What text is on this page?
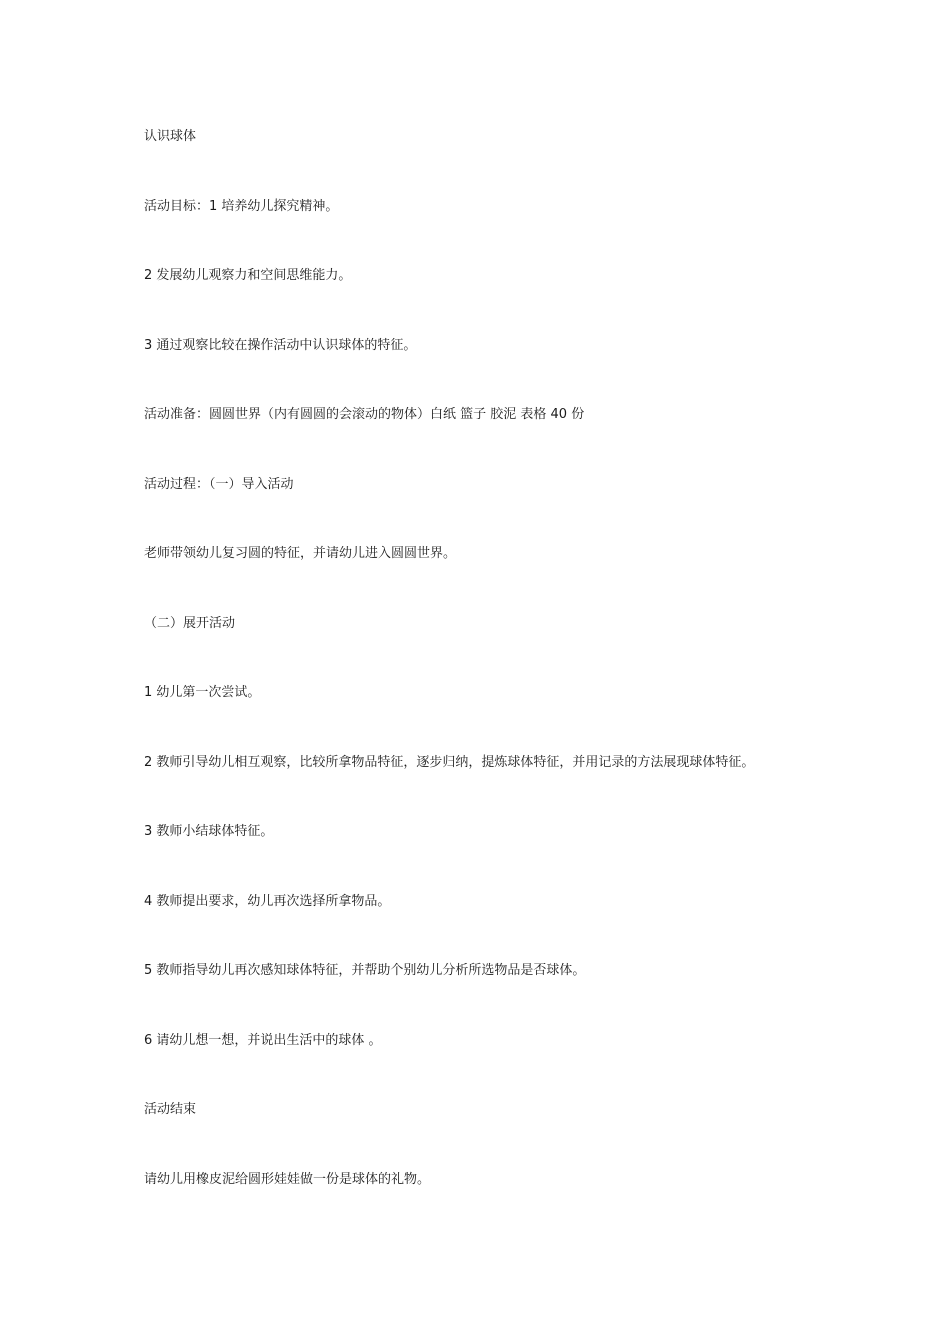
认识球体

活动目标：1 培养幼儿探究精神。

2 发展幼儿观察力和空间思维能力。

3 通过观察比较在操作活动中认识球体的特征。

活动准备：圆圆世界（内有圆圆的会滚动的物体）白纸 篮子 胶泥 表格 40 份

活动过程：（一）导入活动

老师带领幼儿复习圆的特征，并请幼儿进入圆圆世界。

（二）展开活动

1 幼儿第一次尝试。

2 教师引导幼儿相互观察，比较所拿物品特征，逐步归纳，提炼球体特征，并用记录的方法展现球体特征。

3 教师小结球体特征。

4 教师提出要求，幼儿再次选择所拿物品。

5 教师指导幼儿再次感知球体特征，并帮助个别幼儿分析所选物品是否球体。

6 请幼儿想一想，并说出生活中的球体 。

活动结束

请幼儿用橡皮泥给圆形娃娃做一份是球体的礼物。
